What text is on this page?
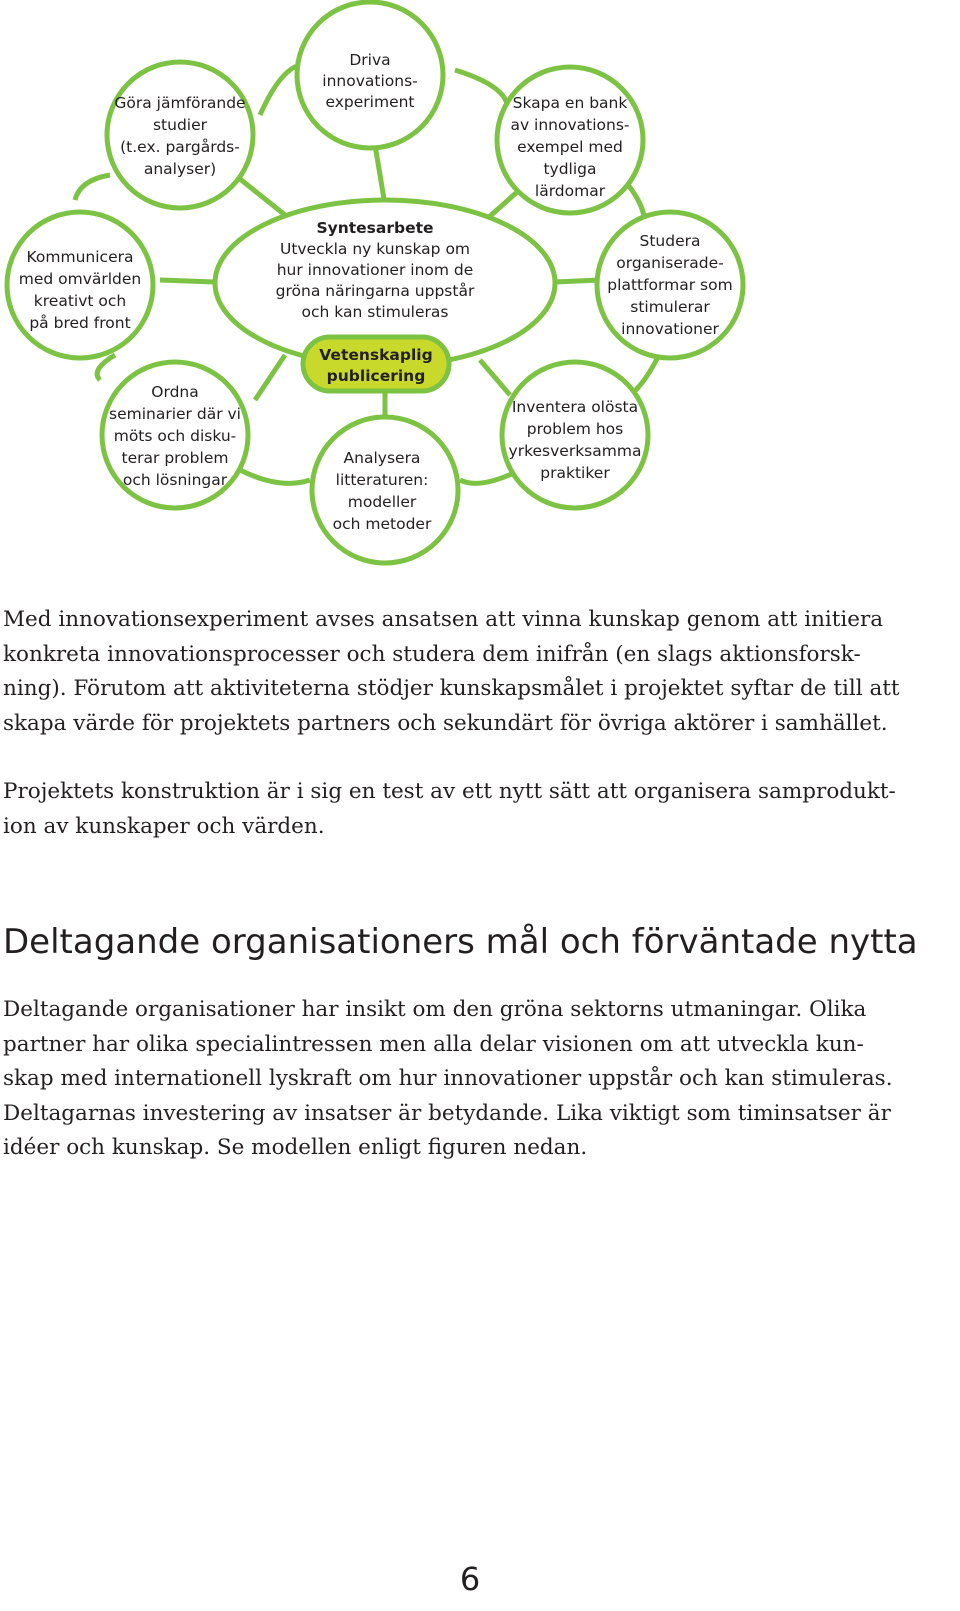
Syntesarbete
Utveckla ny kunskap om
hur innovationer inom de
gröna näringarna uppstår
och kan stimuleras
Vetenskaplig
publicering
Driva
innovations-
experiment	Skapa en bank
av innovations-
exempel med
tydliga
lärdomar
Studera
organiserade-
plattformar som
stimulerar
innovationer
Inventera olösta
problem hos
yrkesverksamma
praktiker
Analysera
litteraturen:
modeller
och metoder
Ordna
seminarier där vi
möts och disku-
terar problem
och lösningar
Kommunicera
med omvärlden
kreativt och
på bred front
Göra jämförande
studier
(t.ex. pargårds-
analyser)

Med innovationsexperiment avses ansatsen att vinna kunskap genom att initiera
konkreta innovationsprocesser och studera dem inifrån (en slags aktionsforsk-
ning). Förutom att aktiviteterna stödjer kunskapsmålet i projektet syftar de till att
skapa värde för projektets partners och sekundärt för övriga aktörer i samhället.

Projektets konstruktion är i sig en test av ett nytt sätt att organisera samprodukt-
ion av kunskaper och värden.

Deltagande organisationers mål och förväntade nytta

Deltagande organisationer har insikt om den gröna sektorns utmaningar. Olika
partner har olika specialintressen men alla delar visionen om att utveckla kun-
skap med internationell lyskraft om hur innovationer uppstår och kan stimuleras.
Deltagarnas investering av insatser är betydande. Lika viktigt som timinsatser är
idéer och kunskap. Se modellen enligt figuren nedan.

6
